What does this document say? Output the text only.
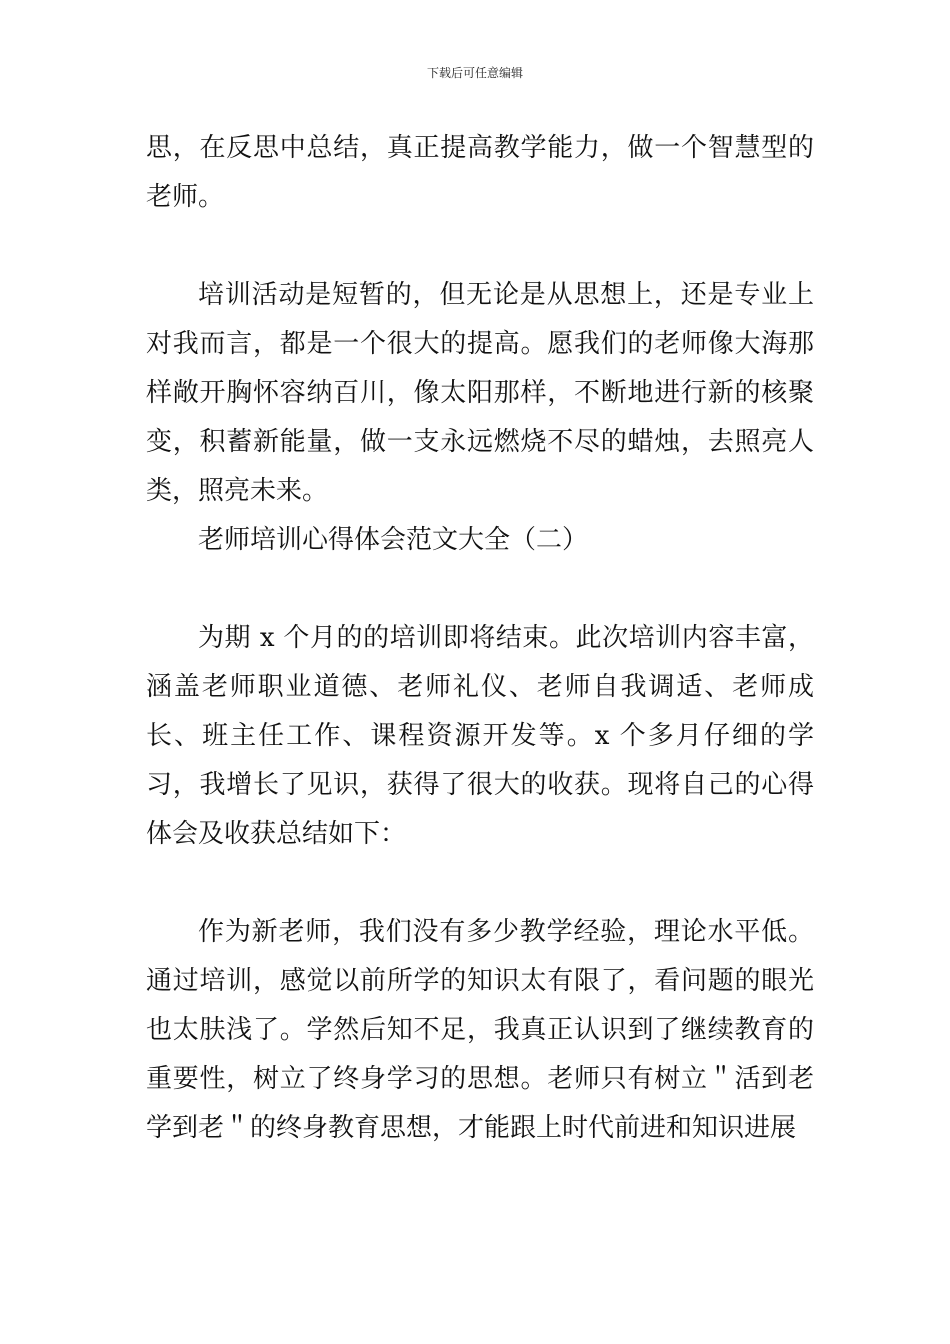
下载后可任意编辑

思，在反思中总结，真正提高教学能力，做一个智慧型的老师。

培训活动是短暂的，但无论是从思想上，还是专业上对我而言，都是一个很大的提高。愿我们的老师像大海那样敞开胸怀容纳百川，像太阳那样，不断地进行新的核聚变，积蓄新能量，做一支永远燃烧不尽的蜡烛，去照亮人类，照亮未来。

老师培训心得体会范文大全（二）

为期 x 个月的的培训即将结束。此次培训内容丰富，涵盖老师职业道德、老师礼仪、老师自我调适、老师成长、班主任工作、课程资源开发等。x 个多月仔细的学习，我增长了见识，获得了很大的收获。现将自己的心得体会及收获总结如下：

作为新老师，我们没有多少教学经验，理论水平低。通过培训，感觉以前所学的知识太有限了，看问题的眼光也太肤浅了。学然后知不足，我真正认识到了继续教育的重要性，树立了终身学习的思想。老师只有树立＂活到老学到老＂的终身教育思想，才能跟上时代前进和知识进展
